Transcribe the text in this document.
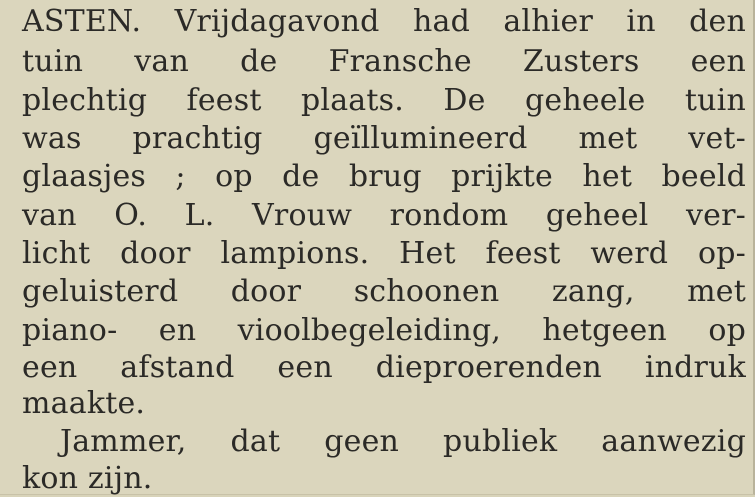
ASTEN. Vrijdagavond had alhier in den
tuin van de Fransche Zusters een
plechtig feest plaats. De geheele tuin
was prachtig geïllumineerd met vet-
glaasjes ; op de brug prijkte het beeld
van O. L. Vrouw rondom geheel ver-
licht door lampions. Het feest werd op-
geluisterd door schoonen zang, met
piano- en vioolbegeleiding, hetgeen op
een afstand een dieproerenden indruk
maakte.
Jammer, dat geen publiek aanwezig
kon zijn.
